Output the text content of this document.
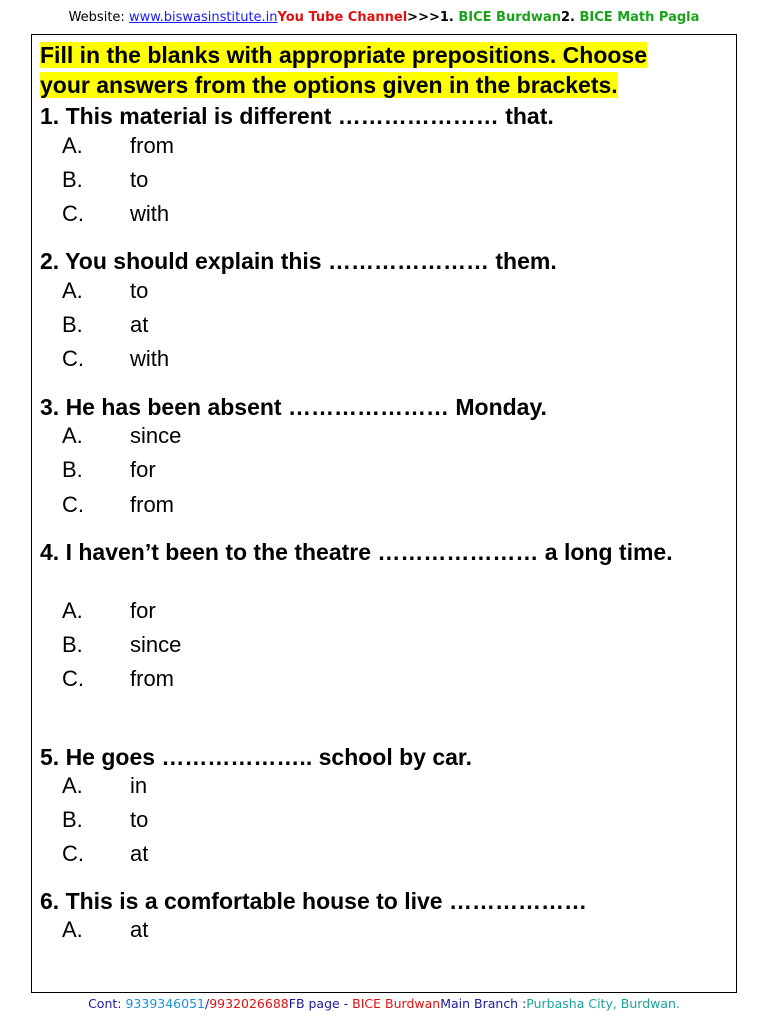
Website: www.biswasinstitute.inYou Tube Channel>>>1. BICE Burdwan2. BICE Math Pagla
Fill in the blanks with appropriate prepositions. Choose
your answers from the options given in the brackets.
1. This material is different ………………… that.
A. from
B. to
C. with
2. You should explain this ………………… them.
A. to
B. at
C. with
3. He has been absent ………………… Monday.
A. since
B. for
C. from
4. I haven’t been to the theatre ………………… a long time.
A. for
B. since
C. from
5. He goes ……………….. school by car.
A. in
B. to
C. at
6. This is a comfortable house to live ………………
A. at
Cont: 9339346051/9932026688FB page - BICE BurdwanMain Branch :Purbasha City, Burdwan.
